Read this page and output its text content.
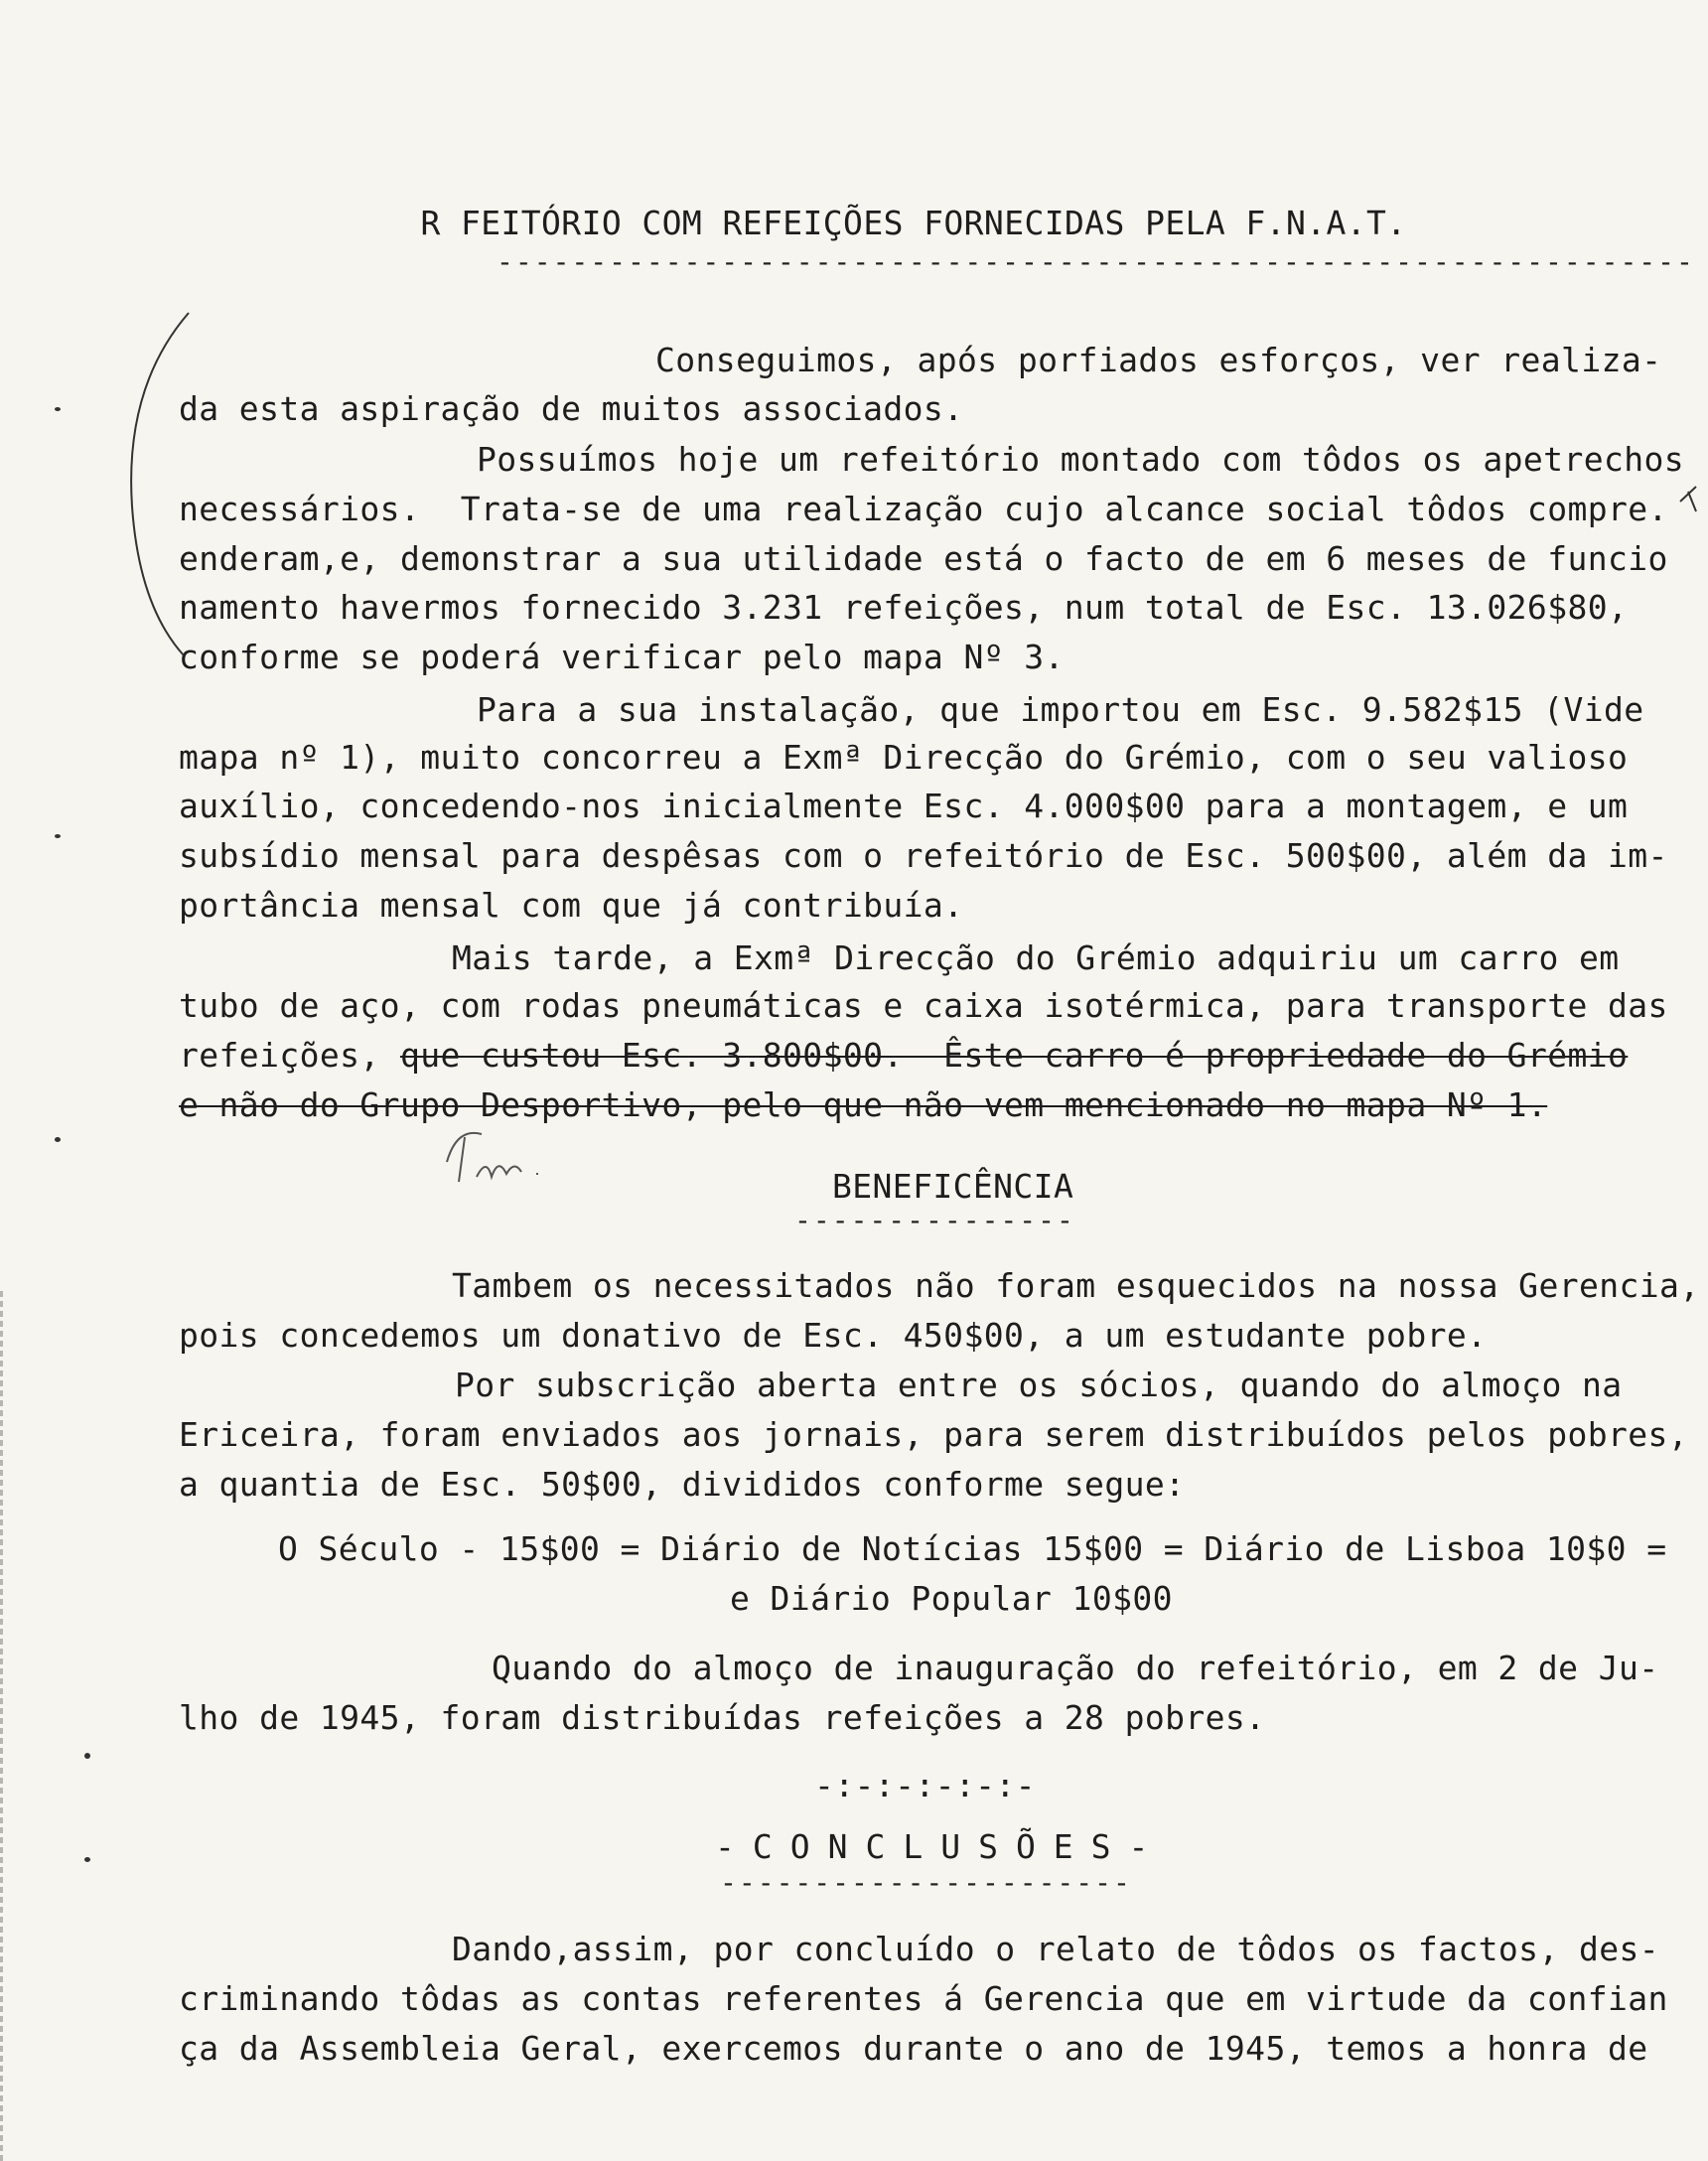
R FEITÓRIO COM REFEIÇÕES FORNECIDAS PELA F.N.A.T.
----------------------------------------------------------------
Conseguimos, após porfiados esforços, ver realiza-
da esta aspiração de muitos associados.
Possuímos hoje um refeitório montado com tôdos os apetrechos
necessários.  Trata-se de uma realização cujo alcance social tôdos compre.
enderam,e, demonstrar a sua utilidade está o facto de em 6 meses de funcio
namento havermos fornecido 3.231 refeições, num total de Esc. 13.026$80,
conforme se poderá verificar pelo mapa Nº 3.
Para a sua instalação, que importou em Esc. 9.582$15 (Vide
mapa nº 1), muito concorreu a Exmª Direcção do Grémio, com o seu valioso
auxílio, concedendo-nos inicialmente Esc. 4.000$00 para a montagem, e um
subsídio mensal para despêsas com o refeitório de Esc. 500$00, além da im-
portância mensal com que já contribuía.
Mais tarde, a Exmª Direcção do Grémio adquiriu um carro em
tubo de aço, com rodas pneumáticas e caixa isotérmica, para transporte das
refeições, que custou Esc. 3.800$00.  Êste carro é propriedade do Grémio
e não do Grupo Desportivo, pelo que não vem mencionado no mapa Nº 1.
BENEFICÊNCIA
---------------
Tambem os necessitados não foram esquecidos na nossa Gerencia,
pois concedemos um donativo de Esc. 450$00, a um estudante pobre.
Por subscrição aberta entre os sócios, quando do almoço na
Ericeira, foram enviados aos jornais, para serem distribuídos pelos pobres,
a quantia de Esc. 50$00, divididos conforme segue:
O Século - 15$00 = Diário de Notícias 15$00 = Diário de Lisboa 10$0 =
e Diário Popular 10$00
Quando do almoço de inauguração do refeitório, em 2 de Ju-
lho de 1945, foram distribuídas refeições a 28 pobres.
-:-:-:-:-:-
-CONCLUSÕES-
----------------------
Dando,assim, por concluído o relato de tôdos os factos, des-
criminando tôdas as contas referentes á Gerencia que em virtude da confian
ça da Assembleia Geral, exercemos durante o ano de 1945, temos a honra de
